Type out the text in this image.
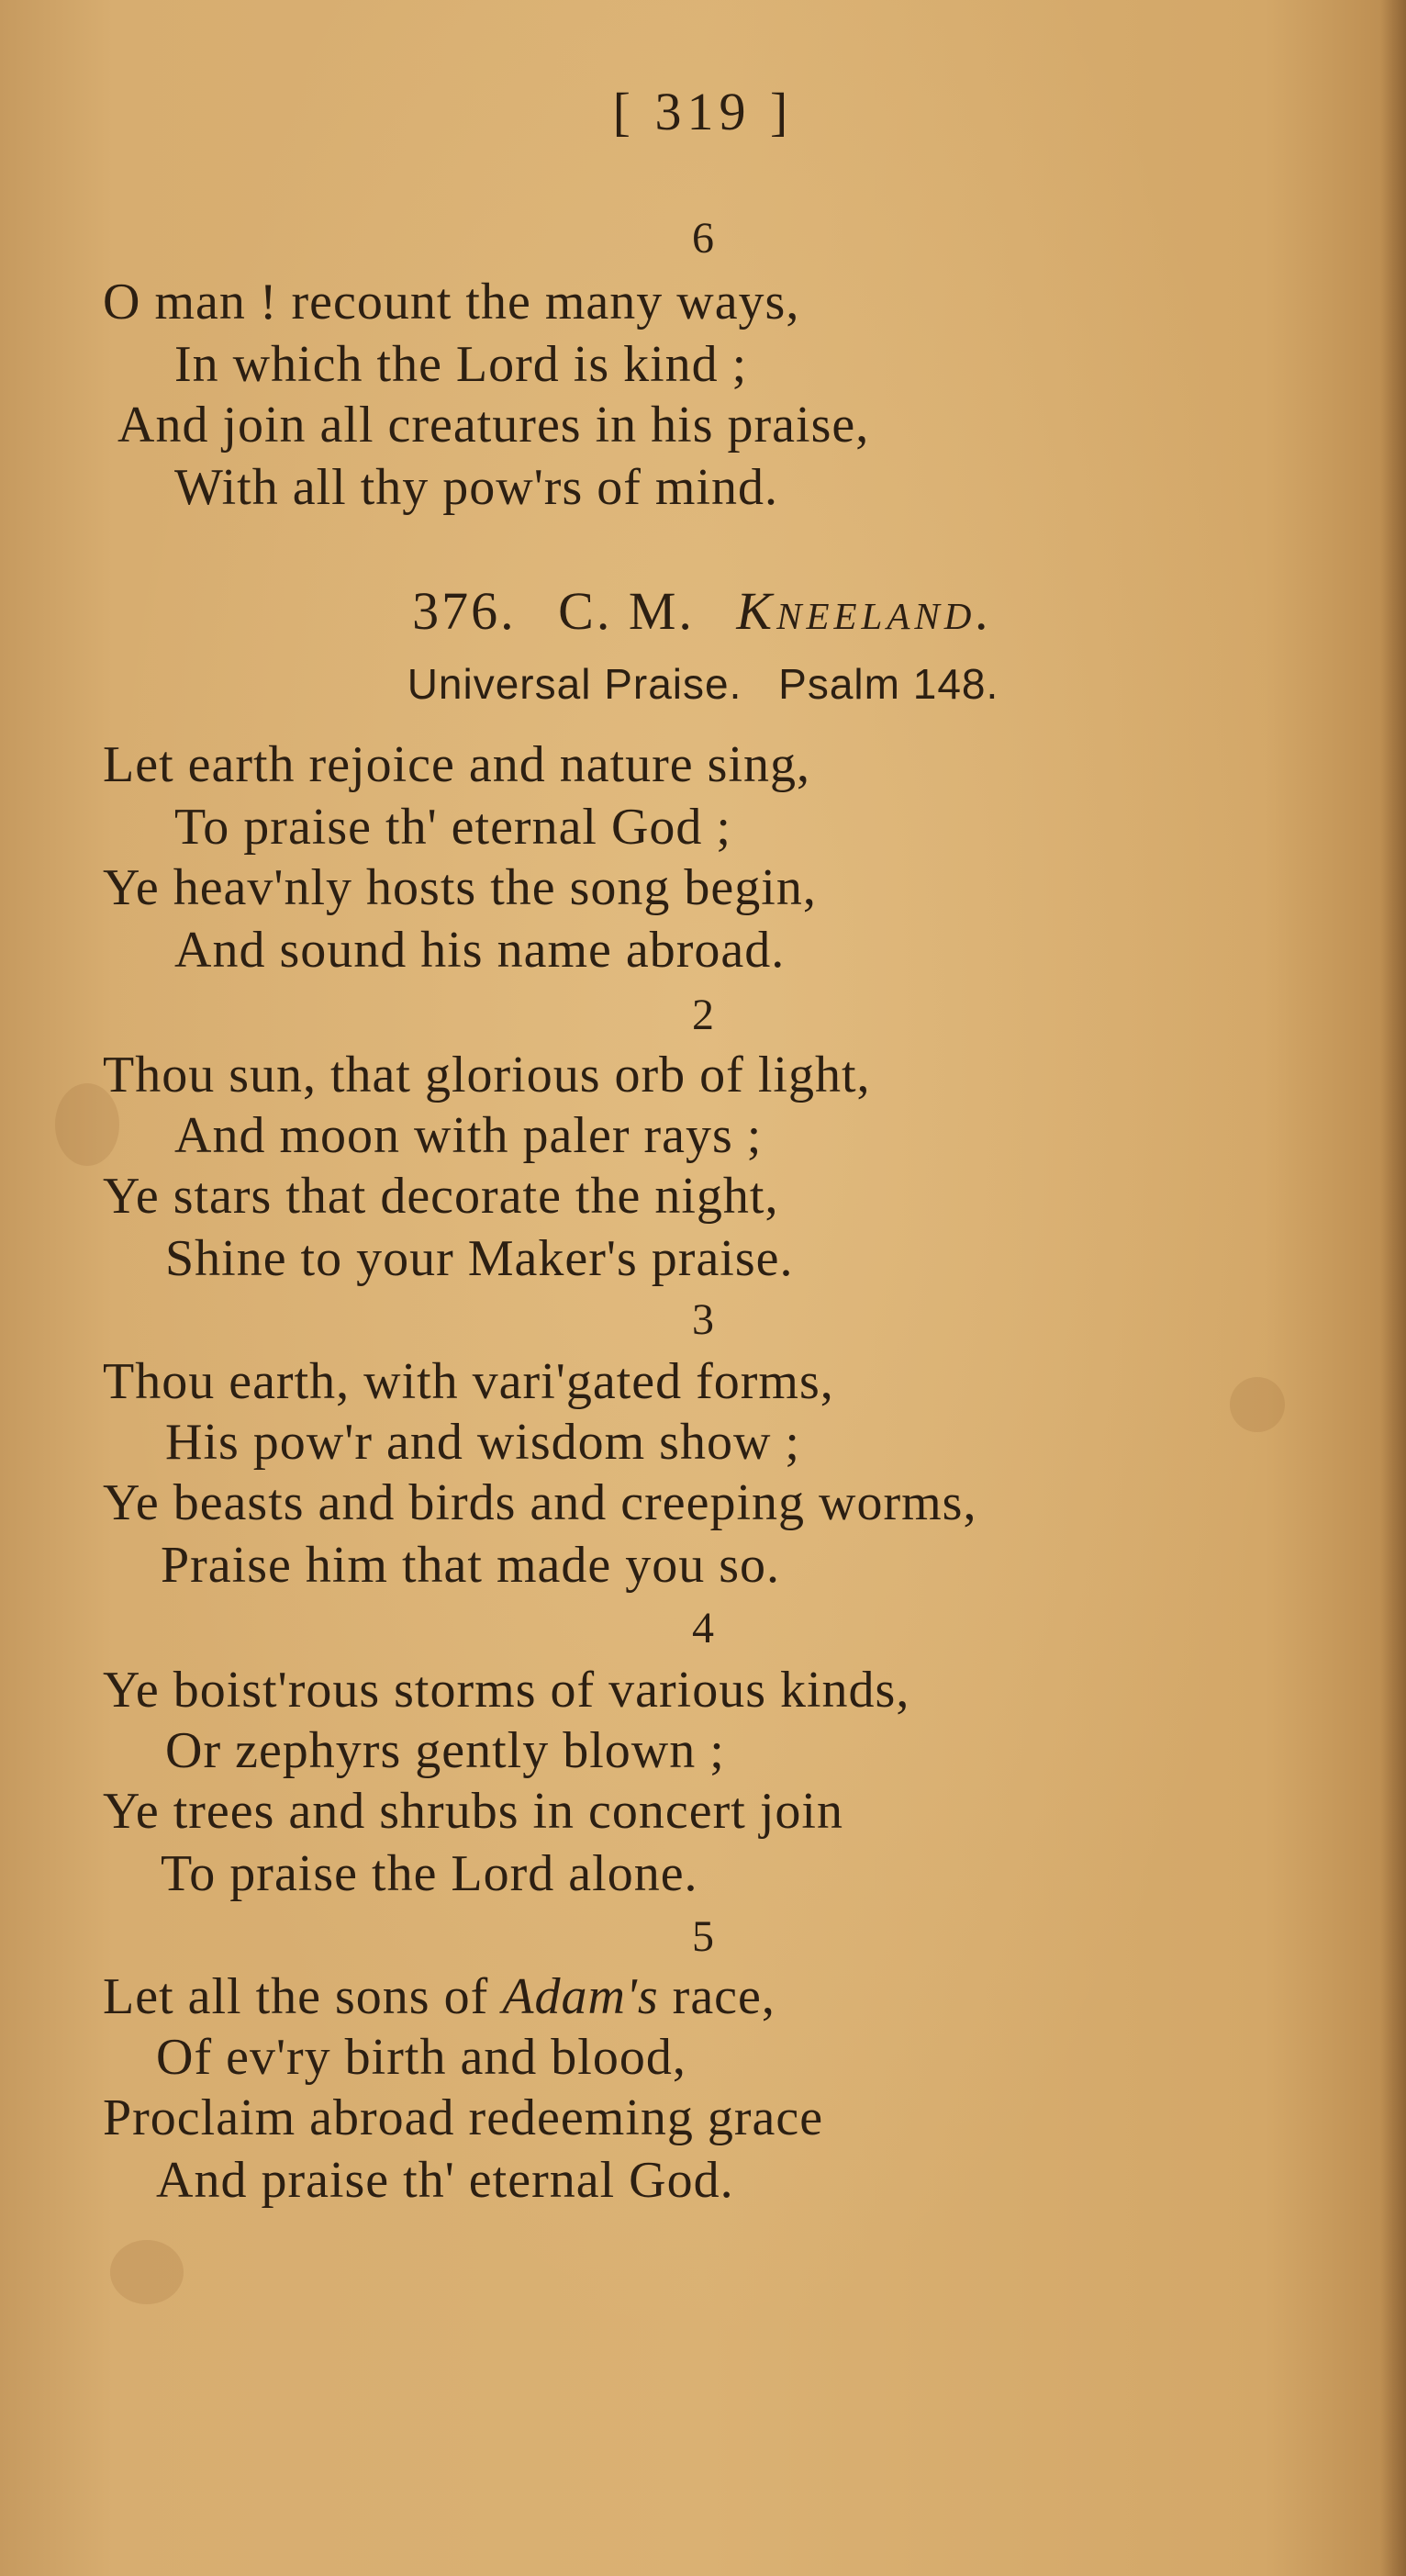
[ 319 ]
6
O man ! recount the many ways,
In which the Lord is kind ;
And join all creatures in his praise,
With all thy pow'rs of mind.
376. C. M. Kneeland.
Universal Praise. Psalm 148.
Let earth rejoice and nature sing,
To praise th' eternal God ;
Ye heav'nly hosts the song begin,
And sound his name abroad.
2
Thou sun, that glorious orb of light,
And moon with paler rays ;
Ye stars that decorate the night,
Shine to your Maker's praise.
3
Thou earth, with vari'gated forms,
His pow'r and wisdom show ;
Ye beasts and birds and creeping worms,
Praise him that made you so.
4
Ye boist'rous storms of various kinds,
Or zephyrs gently blown ;
Ye trees and shrubs in concert join
To praise the Lord alone.
5
Let all the sons of Adam's race,
Of ev'ry birth and blood,
Proclaim abroad redeeming grace
And praise th' eternal God.
